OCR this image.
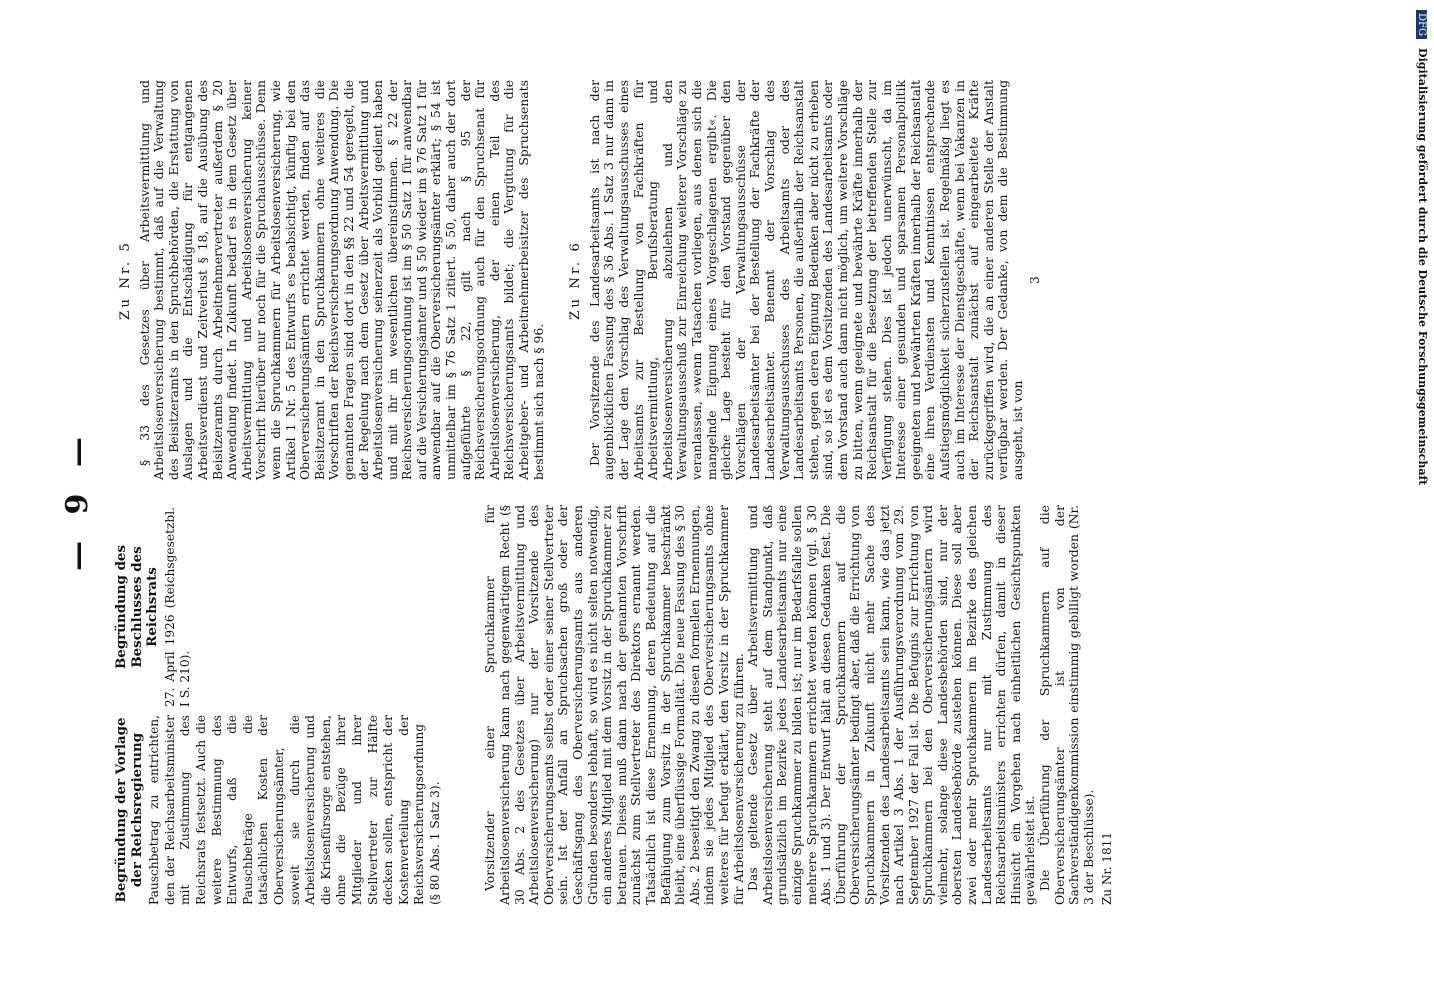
— 9 —
Begründung der Vorlage der Reichsregierung Pauschbetrag zu entrichten, den der Reichsarbeitsminister mit Zustimmung des Reichsrats festsetzt. Auch die weitere Bestimmung des Entwurfs, daß die Pauschbeträge die tatsächlichen Kosten der Oberversicherungsämter, soweit sie durch die Arbeitslosenversicherung und die Krisenfürsorge entstehen, ohne die Bezüge ihrer Mitglieder und ihrer Stellvertreter zur Hälfte decken sollen, entspricht der Kostenverteilung der Reichsversicherungsordnung (§ 80 Abs. 1 Satz 3).
Begründung des Beschlusses des Reichsrats 27. April 1926 (Reichsgesetzbl. I S. 210).	Vorsitzender einer Spruchkammer für Arbeitslosenversicherung kann nach gegenwärtigem Recht (§ 30 Abs. 2 des Gesetzes über Arbeitsvermittlung und Arbeitslosenversicherung) nur der Vorsitzende des Oberversicherungsamts selbst oder einer seiner Stellvertreter sein. Ist der Anfall an Spruchsachen groß oder der Geschäftsgang des Oberversicherungsamts aus anderen Gründen besonders lebhaft, so wird es nicht selten notwendig, ein anderes Mitglied mit dem Vorsitz in der Spruchkammer zu betrauen. Dieses muß dann nach der genannten Vorschrift zunächst zum Stellvertreter des Direktors ernannt werden. Tatsächlich ist diese Ernennung, deren Bedeutung auf die Befähigung zum Vorsitz in der Spruchkammer beschränkt bleibt, eine überflüssige Formalität. Die neue Fassung des § 30 Abs. 2 beseitigt den Zwang zu diesen formellen Ernennungen, indem sie jedes Mitglied des Oberversicherungsamts ohne weiteres für befugt erklärt, den Vorsitz in der Spruchkammer für Arbeitslosenversicherung zu führen. Das geltende Gesetz über Arbeitsvermittlung und Arbeitslosenversicherung steht auf dem Standpunkt, daß grundsätzlich im Bezirke jedes Landesarbeitsamts nur eine einzige Spruchkammer zu bilden ist; nur im Bedarfsfalle sollen mehrere Spruchkammern errichtet werden können (vgl. § 30 Abs. 1 und 3). Der Entwurf hält an diesen Gedanken fest. Die Überführung der Spruchkammern auf die Oberversicherungsämter bedingt aber, daß die Errichtung von Spruchkammern in Zukunft nicht mehr Sache des Vorsitzenden des Landesarbeitsamts sein kann, wie das jetzt nach Artikel 3 Abs. 1 der Ausführungsverordnung vom 29. September 1927 der Fall ist. Die Befugnis zur Errichtung von Spruchkammern bei den Oberversicherungsämtern wird vielmehr, solange diese Landesbehörden sind, nur der obersten Landesbehörde zustehen können. Diese soll aber zwei oder mehr Spruchkammern im Bezirke des gleichen Landesarbeitsamts nur mit Zustimmung des Reichsarbeitsministers errichten dürfen, damit in dieser Hinsicht ein Vorgehen nach einheitlichen Gesichtspunkten gewährleistet ist. Die Überführung der Spruchkammern auf die Oberversicherungsämter ist von der Sachverständigenkommission einstimmig gebilligt worden (Nr. 3 der Beschlüsse). Zu Nr. 1811
Zu Nr. 5 § 33 des Gesetzes über Arbeitsvermittlung und Arbeitslosenversicherung bestimmt, daß auf die Verwaltung des Beisitzeramts in den Spruchbehörden, die Erstattung von Auslagen und die Entschädigung für entgangenen Arbeitsverdienst und Zeitverlust § 18, auf die Ausübung des Beisitzeramts durch Arbeitnehmervertreter außerdem § 20 Anwendung findet. In Zukunft bedarf es in dem Gesetz über Arbeitsvermittlung und Arbeitslosenversicherung keiner Vorschrift hierüber nur noch für die Spruchausschüsse. Denn wenn die Spruchkammern für Arbeitslosenversicherung, wie Artikel 1 Nr. 5 des Entwurfs es beabsichtigt, künftig bei den Oberversicherungsämtern errichtet werden, finden auf das Beisitzeramt in den Spruchkammern ohne weiteres die Vorschriften der Reichsversicherungsordnung Anwendung. Die genannten Fragen sind dort in den §§ 22 und 54 geregelt, die der Regelung nach dem Gesetz über Arbeitsvermittlung und Arbeitslosenversicherung seinerzeit als Vorbild gedient haben und mit ihr im wesentlichen übereinstimmen. § 22 der Reichsversicherungsordnung ist im § 50 Satz 1 für anwendbar auf die Versicherungsämter und § 50 wieder im § 76 Satz 1 für anwendbar auf die Oberversicherungsämter erklärt; § 54 ist unmittelbar im § 76 Satz 1 zitiert. § 50, daher auch der dort aufgeführte § 22, gilt nach § 95 der Reichsversicherungsordnung auch für den Spruchsenat für Arbeitslosenversicherung, der einen Teil des Reichsversicherungsamts bildet; die Vergütung für die Arbeitgeber- und Arbeitnehmerbeisitzer des Spruchsenats bestimmt sich nach § 96.

Zu Nr. 6 Der Vorsitzende des Landesarbeitsamts ist nach der augenblicklichen Fassung des § 36 Abs. 1 Satz 3 nur dann in der Lage den Vorschlag des Verwaltungsausschusses eines Arbeitsamts zur Bestellung von Fachkräften für Arbeitsvermittlung, Berufsberatung und Arbeitslosenversicherung abzulehnen und den Verwaltungsausschuß zur Einreichung weiterer Vorschläge zu veranlassen, »wenn Tatsachen vorliegen, aus denen sich die mangelnde Eignung eines Vorgeschlagenen ergibt«. Die gleiche Lage besteht für den Vorstand gegenüber den Vorschlägen der Verwaltungsausschüsse der Landesarbeitsämter bei der Bestellung der Fachkräfte der Landesarbeitsämter. Benennt der Vorschlag des Verwaltungsausschusses des Arbeitsamts oder des Landesarbeitsamts Personen, die außerhalb der Reichsanstalt stehen, gegen deren Eignung Bedenken aber nicht zu erheben sind, so ist es dem Vorsitzenden des Landesarbeitsamts oder dem Vorstand auch dann nicht möglich, um weitere Vorschläge zu bitten, wenn geeignete und bewährte Kräfte innerhalb der Reichsanstalt für die Besetzung der betreffenden Stelle zur Verfügung stehen. Dies ist jedoch unerwünscht, da im Interesse einer gesunden und sparsamen Personalpolitik geeigneten und bewährten Kräften innerhalb der Reichsanstalt eine ihren Verdiensten und Kenntnissen entsprechende Aufstiegsmöglichkeit sicherzustellen ist. Regelmäßig liegt es auch im Interesse der Dienstgeschäfte, wenn bei Vakanzen in der Reichsanstalt zunächst auf eingearbeitete Kräfte zurückgegriffen wird, die an einer anderen Stelle der Anstalt verfügbar werden. Der Gedanke, von dem die Bestimmung ausgeht, ist von

3
DFG Digitalisierung gefördert durch die Deutsche Forschungsgemeinschaft
